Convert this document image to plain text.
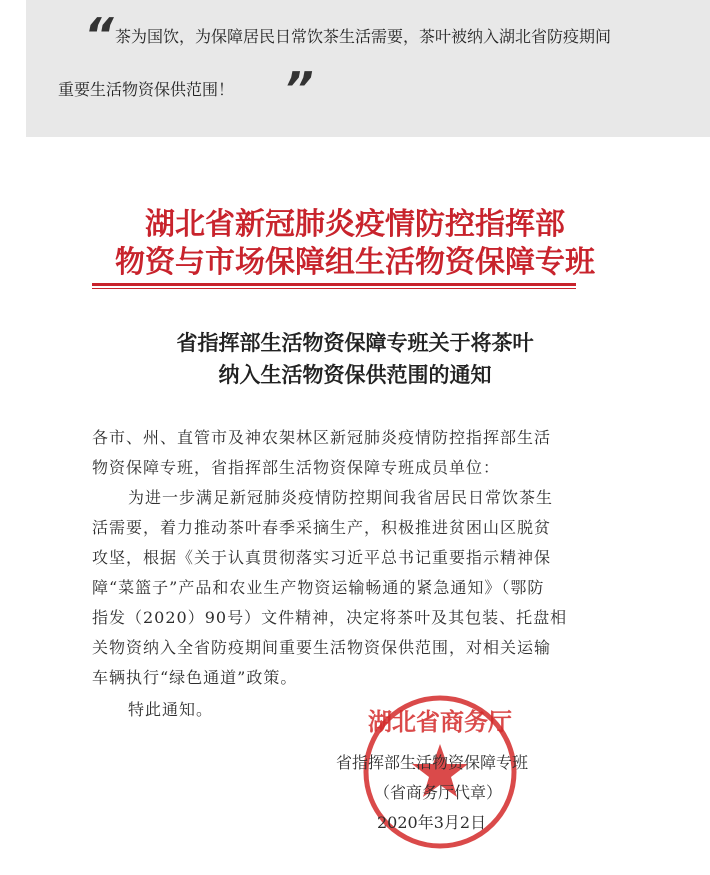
“ 茶为国饮，为保障居民日常饮茶生活需要，茶叶被纳入湖北省防疫期间
重要生活物资保供范围！ ”
湖北省新冠肺炎疫情防控指挥部
物资与市场保障组生活物资保障专班
省指挥部生活物资保障专班关于将茶叶
纳入生活物资保供范围的通知
各市、州、直管市及神农架林区新冠肺炎疫情防控指挥部生活
物资保障专班，省指挥部生活物资保障专班成员单位：
为进一步满足新冠肺炎疫情防控期间我省居民日常饮茶生
活需要，着力推动茶叶春季采摘生产，积极推进贫困山区脱贫
攻坚，根据《关于认真贯彻落实习近平总书记重要指示精神保
障“菜篮子”产品和农业生产物资运输畅通的紧急通知》（鄂防
指发（2020）90号）文件精神，决定将茶叶及其包装、托盘相
关物资纳入全省防疫期间重要生活物资保供范围，对相关运输
车辆执行“绿色通道”政策。
特此通知。	湖北省商务厅
省指挥部生活物资保障专班
（省商务厅代章）
2020年3月2日
